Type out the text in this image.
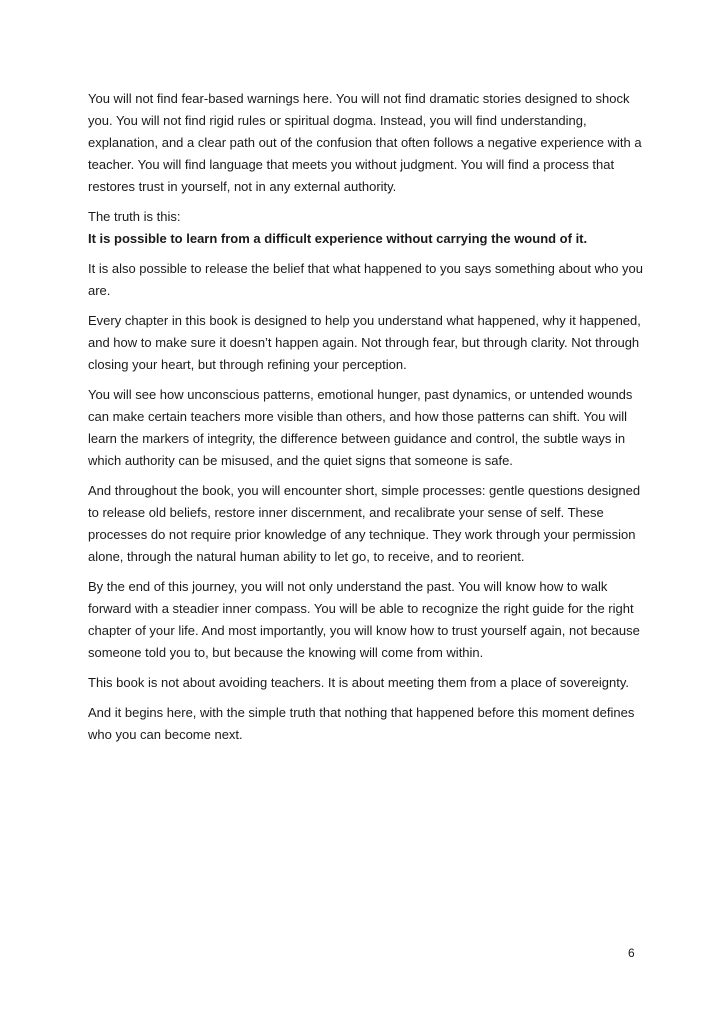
You will not find fear-based warnings here. You will not find dramatic stories designed to shock you. You will not find rigid rules or spiritual dogma. Instead, you will find understanding, explanation, and a clear path out of the confusion that often follows a negative experience with a teacher. You will find language that meets you without judgment. You will find a process that restores trust in yourself, not in any external authority.

The truth is this:

It is possible to learn from a difficult experience without carrying the wound of it.

It is also possible to release the belief that what happened to you says something about who you are.

Every chapter in this book is designed to help you understand what happened, why it happened, and how to make sure it doesn’t happen again. Not through fear, but through clarity. Not through closing your heart, but through refining your perception.

You will see how unconscious patterns, emotional hunger, past dynamics, or untended wounds can make certain teachers more visible than others, and how those patterns can shift. You will learn the markers of integrity, the difference between guidance and control, the subtle ways in which authority can be misused, and the quiet signs that someone is safe.

And throughout the book, you will encounter short, simple processes: gentle questions designed to release old beliefs, restore inner discernment, and recalibrate your sense of self. These processes do not require prior knowledge of any technique. They work through your permission alone, through the natural human ability to let go, to receive, and to reorient.

By the end of this journey, you will not only understand the past. You will know how to walk forward with a steadier inner compass. You will be able to recognize the right guide for the right chapter of your life. And most importantly, you will know how to trust yourself again, not because someone told you to, but because the knowing will come from within.

This book is not about avoiding teachers. It is about meeting them from a place of sovereignty.

And it begins here, with the simple truth that nothing that happened before this moment defines who you can become next.

6
